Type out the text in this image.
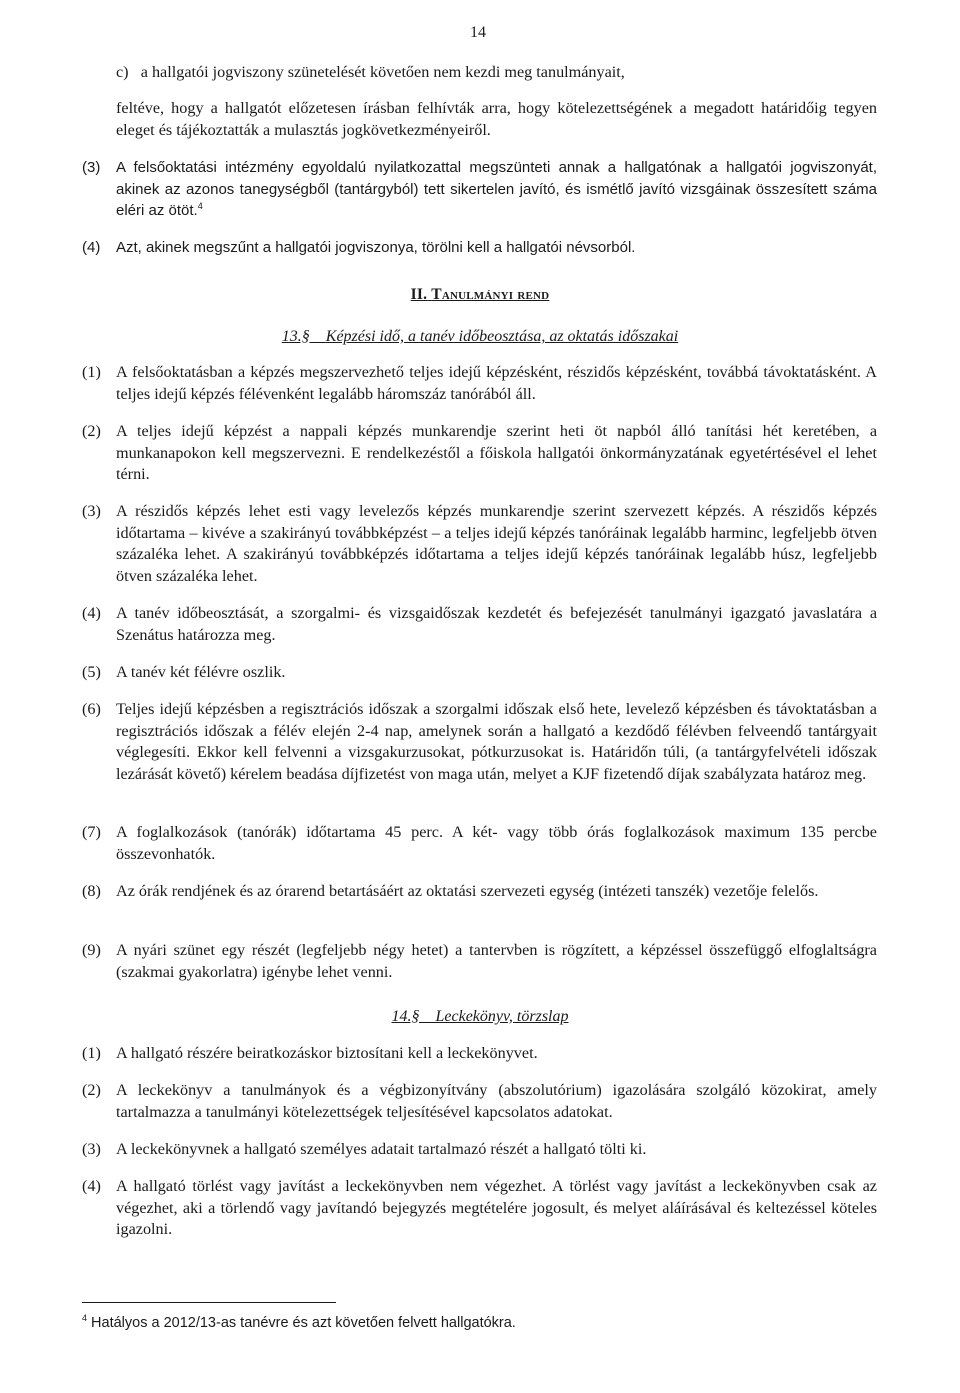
14
c)   a hallgatói jogviszony szünetelését követően nem kezdi meg tanulmányait,
feltéve, hogy a hallgatót előzetesen írásban felhívták arra, hogy kötelezettségének a megadott határidőig tegyen eleget és tájékoztatták a mulasztás jogkövetkezményeiről.
(3) A felsőoktatási intézmény egyoldalú nyilatkozattal megszünteti annak a hallgatónak a hallgatói jogviszonyát, akinek az azonos tanegységből (tantárgyból) tett sikertelen javító, és ismétlő javító vizsgáinak összesített száma eléri az ötöt.$^4$
(4) Azt, akinek megszűnt a hallgatói jogviszonya, törölni kell a hallgatói névsorból.
II. Tanulmányi rend
13.§    Képzési idő, a tanév időbeosztása, az oktatás időszakai
(1) A felsőoktatásban a képzés megszervezhető teljes idejű képzésként, részidős képzésként, továbbá távoktatásként. A teljes idejű képzés félévenként legalább háromszáz tanórából áll.
(2) A teljes idejű képzést a nappali képzés munkarendje szerint heti öt napból álló tanítási hét keretében, a munkanapokon kell megszervezni. E rendelkezéstől a főiskola hallgatói önkormányzatának egyetértésével el lehet térni.
(3) A részidős képzés lehet esti vagy levelezős képzés munkarendje szerint szervezett képzés. A részidős képzés időtartama – kivéve a szakirányú továbbképzést – a teljes idejű képzés tanóráinak legalább harminc, legfeljebb ötven százaléka lehet. A szakirányú továbbképzés időtartama a teljes idejű képzés tanóráinak legalább húsz, legfeljebb ötven százaléka lehet.
(4) A tanév időbeosztását, a szorgalmi- és vizsgaidőszak kezdetét és befejezését tanulmányi igazgató javaslatára a Szenátus határozza meg.
(5) A tanév két félévre oszlik.
(6) Teljes idejű képzésben a regisztrációs időszak a szorgalmi időszak első hete, levelező képzésben és távoktatásban a regisztrációs időszak a félév elején 2-4 nap, amelynek során a hallgató a kezdődő félévben felveendő tantárgyait véglegesíti. Ekkor kell felvenni a vizsgakurzusokat, pótkurzusokat is. Határidőn túli, (a tantárgyfelvételi időszak lezárását követő) kérelem beadása díjfizetést von maga után, melyet a KJF fizetendő díjak szabályzata határoz meg.
(7) A foglalkozások (tanórák) időtartama 45 perc. A két- vagy több órás foglalkozások maximum 135 percbe összevonhatók.
(8) Az órák rendjének és az órarend betartásáért az oktatási szervezeti egység (intézeti tanszék) vezetője felelős.
(9) A nyári szünet egy részét (legfeljebb négy hetet) a tantervben is rögzített, a képzéssel összefüggő elfoglaltságra (szakmai gyakorlatra) igénybe lehet venni.
14.§    Leckekönyv, törzslap
(1) A hallgató részére beiratkozáskor biztosítani kell a leckekönyvet.
(2) A leckekönyv a tanulmányok és a végbizonyítvány (abszolutórium) igazolására szolgáló közokirat, amely tartalmazza a tanulmányi kötelezettségek teljesítésével kapcsolatos adatokat.
(3) A leckekönyvnek a hallgató személyes adatait tartalmazó részét a hallgató tölti ki.
(4) A hallgató törlést vagy javítást a leckekönyvben nem végezhet. A törlést vagy javítást a leckekönyvben csak az végezhet, aki a törlendő vagy javítandó bejegyzés megtételére jogosult, és melyet aláírásával és keltezéssel köteles igazolni.
$^4$ Hatályos a 2012/13-as tanévre és azt követően felvett hallgatókra.
